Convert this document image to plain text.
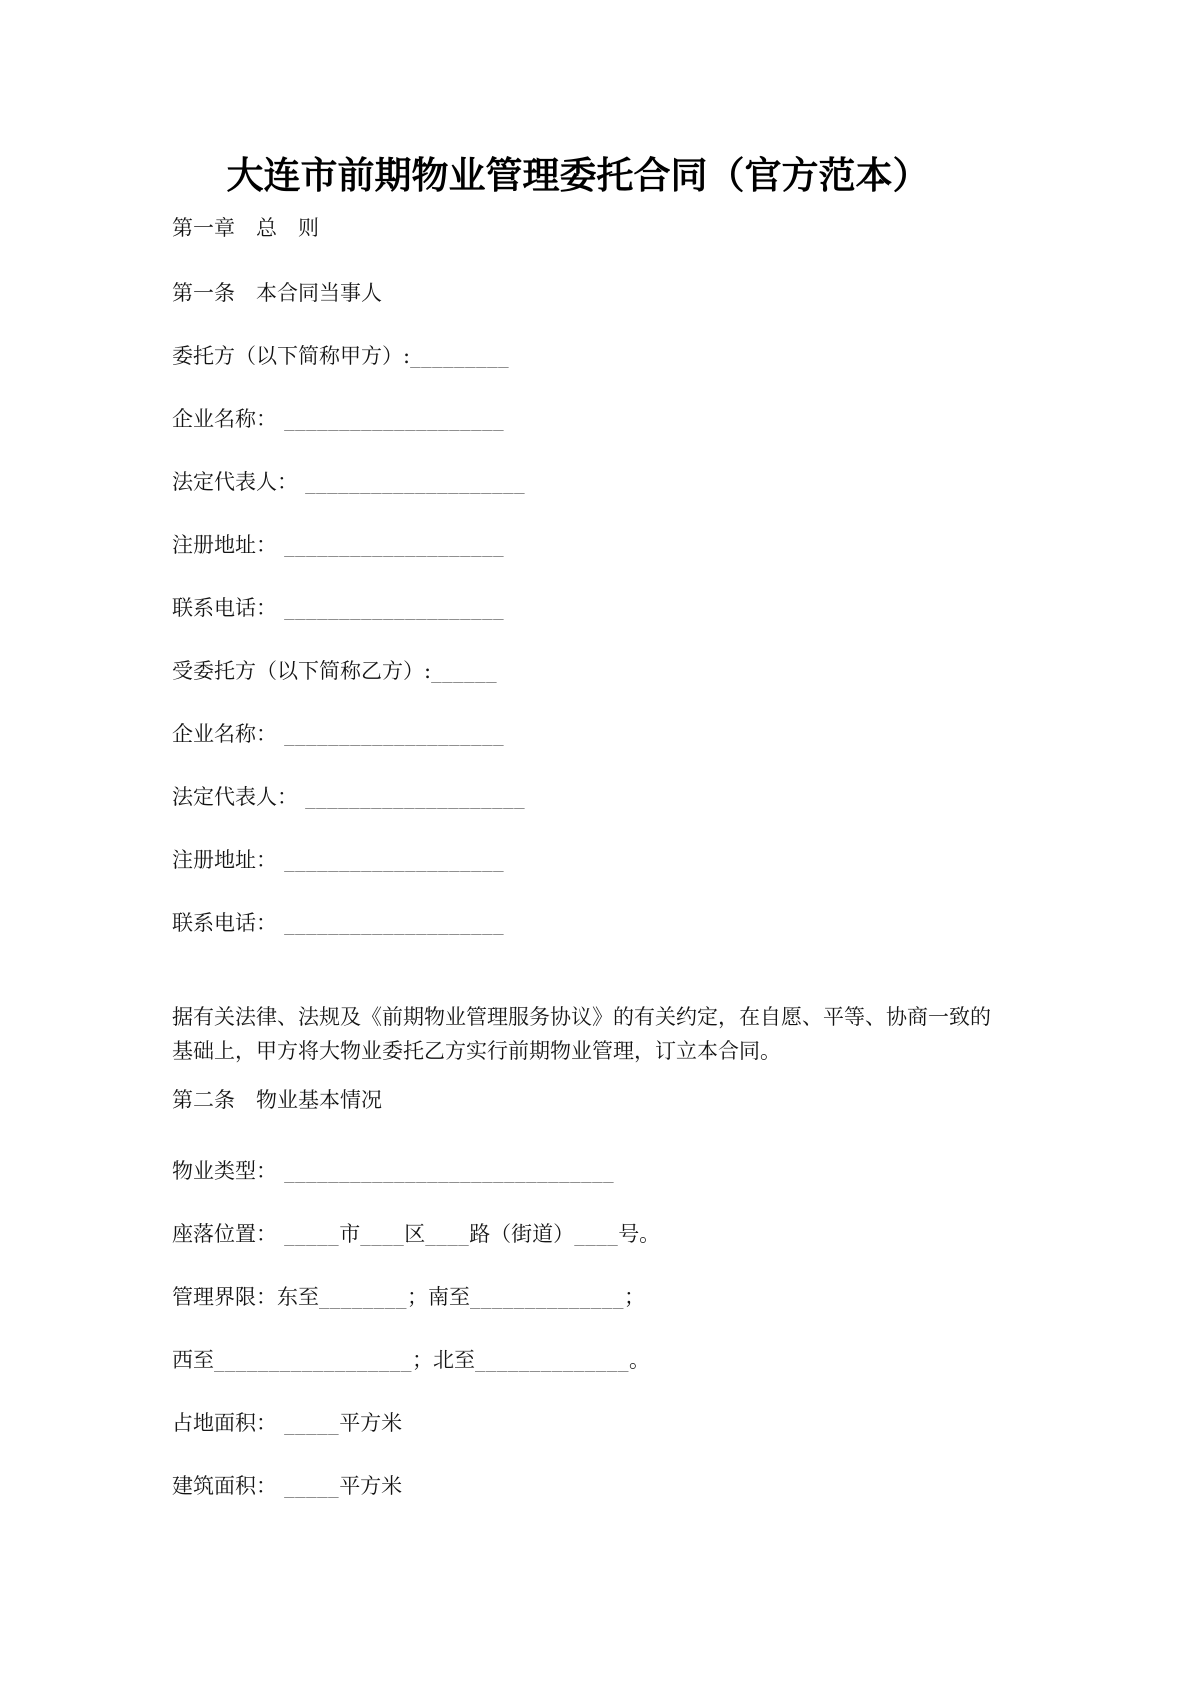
大连市前期物业管理委托合同（官方范本）

第一章　总　则

第一条　本合同当事人

委托方（以下简称甲方）:_________

企业名称： ____________________

法定代表人： ____________________

注册地址： ____________________

联系电话： ____________________

受委托方（以下简称乙方）:______

企业名称： ____________________

法定代表人： ____________________

注册地址： ____________________

联系电话： ____________________

据有关法律、法规及《前期物业管理服务协议》的有关约定，在自愿、平等、协商一致的
基础上，甲方将大物业委托乙方实行前期物业管理，订立本合同。

第二条　物业基本情况

物业类型： ______________________________

座落位置： _____市____区____路（街道）____号。

管理界限：东至________；南至______________；

西至__________________；北至______________。

占地面积： _____平方米

建筑面积： _____平方米
